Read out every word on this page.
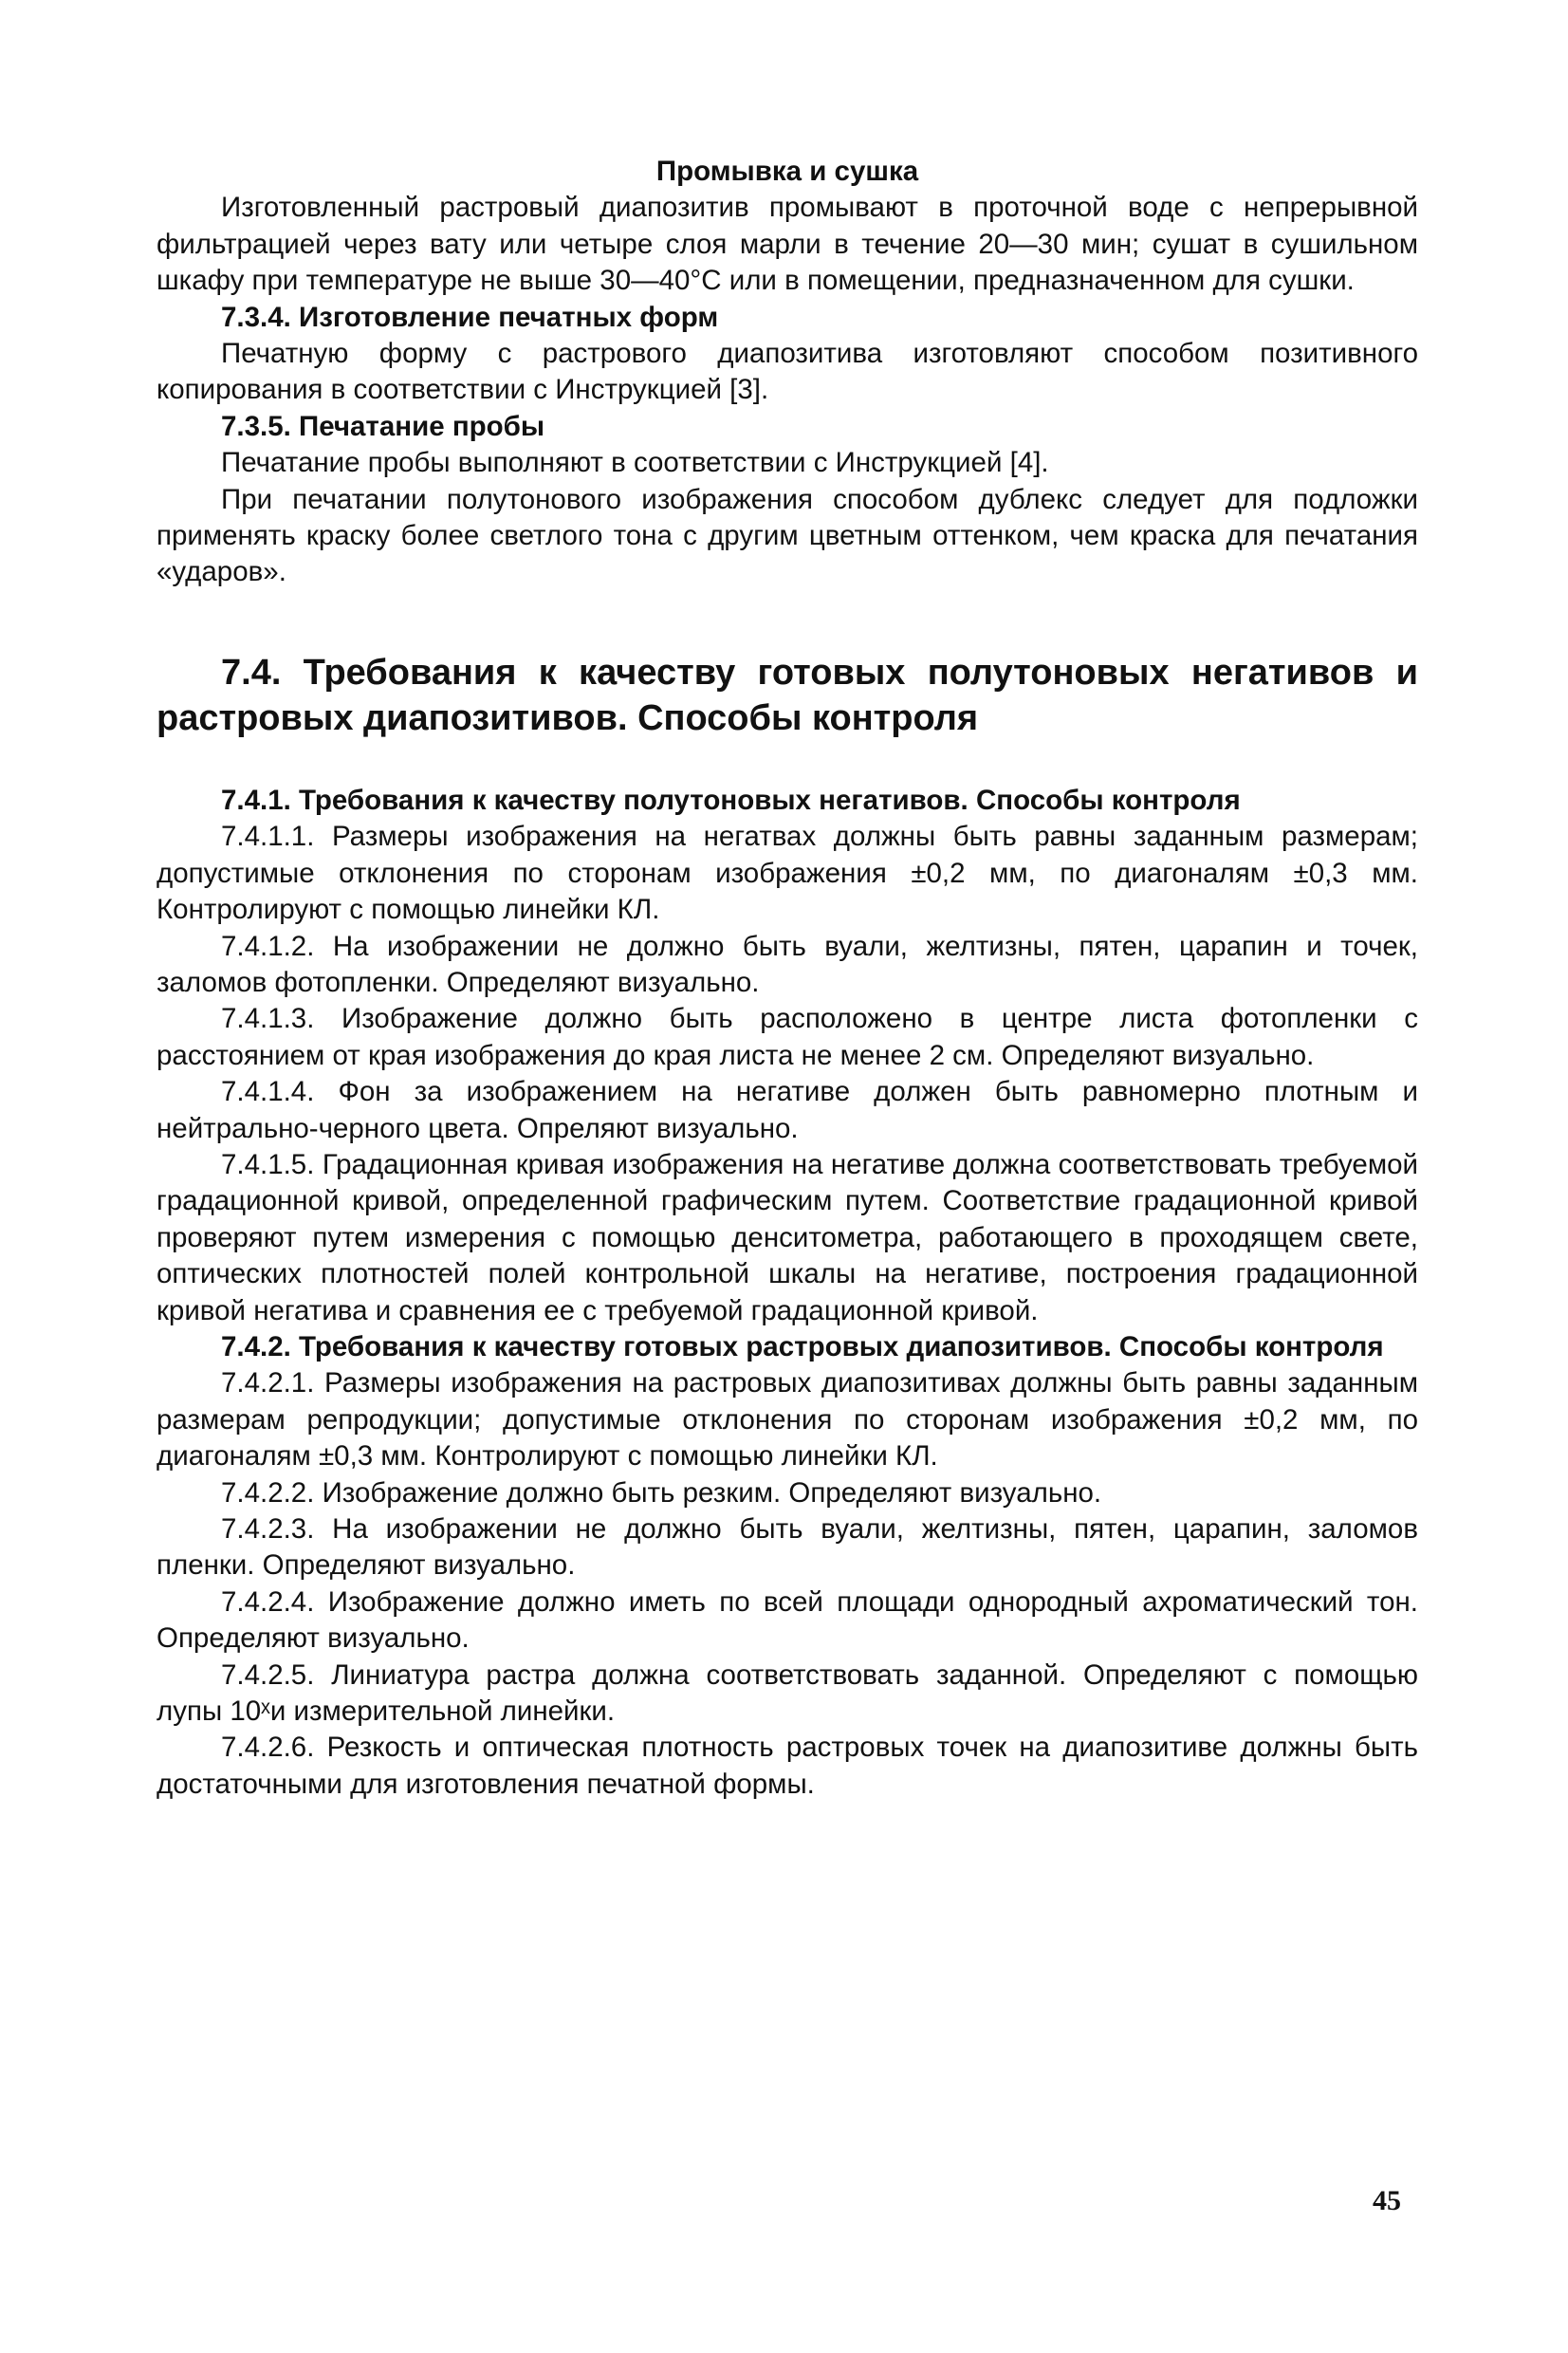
Промывка и сушка

Изготовленный растровый диапозитив промывают в проточной воде с непрерывной фильтрацией через вату или четыре слоя марли в течение 20—30 мин; сушат в сушильном шкафу при температуре не выше 30—40°С или в помещении, предназначенном для сушки.

7.3.4. Изготовление печатных форм

Печатную форму с растрового диапозитива изготовляют способом позитивного копирования в соответствии с Инструкцией [3].

7.3.5. Печатание пробы

Печатание пробы выполняют в соответствии с Инструкцией [4].

При печатании полутонового изображения способом дублекс следует для подложки применять краску более светлого тона с другим цветным оттенком, чем краска для печатания «ударов».

7.4. Требования к качеству готовых полутоновых негативов и растровых диапозитивов. Способы контроля

7.4.1. Требования к качеству полутоновых негативов. Способы контроля

7.4.1.1. Размеры изображения на негатвах должны быть равны заданным размерам; допустимые отклонения по сторонам изображения ±0,2 мм, по диагоналям ±0,3 мм. Контролируют с помощью линейки КЛ.

7.4.1.2. На изображении не должно быть вуали, желтизны, пятен, царапин и точек, заломов фотопленки. Определяют визуально.

7.4.1.3. Изображение должно быть расположено в центре листа фотопленки с расстоянием от края изображения до края листа не менее 2 см. Определяют визуально.

7.4.1.4. Фон за изображением на негативе должен быть равномерно плотным и нейтрально-черного цвета. Опреляют визуально.

7.4.1.5. Градационная кривая изображения на негативе должна соответствовать требуемой градационной кривой, определенной графическим путем. Соответствие градационной кривой проверяют путем измерения с помощью денситометра, работающего в проходящем свете, оптических плотностей полей контрольной шкалы на негативе, построения градационной кривой негатива и сравнения ее с требуемой градационной кривой.

7.4.2. Требования к качеству готовых растровых диапозитивов. Способы контроля

7.4.2.1. Размеры изображения на растровых диапозитивах должны быть равны заданным размерам репродукции; допустимые отклонения по сторонам изображения ±0,2 мм, по диагоналям ±0,3 мм. Контролируют с помощью линейки КЛ.

7.4.2.2. Изображение должно быть резким. Определяют визуально.

7.4.2.3. На изображении не должно быть вуали, желтизны, пятен, царапин, заломов пленки. Определяют визуально.

7.4.2.4. Изображение должно иметь по всей площади однородный ахроматический тон. Определяют визуально.

7.4.2.5. Линиатура растра должна соответствовать заданной. Определяют с помощью лупы 10ˣи измерительной линейки.

7.4.2.6. Резкость и оптическая плотность растровых точек на диапозитиве должны быть достаточными для изготовления печатной формы.

45
